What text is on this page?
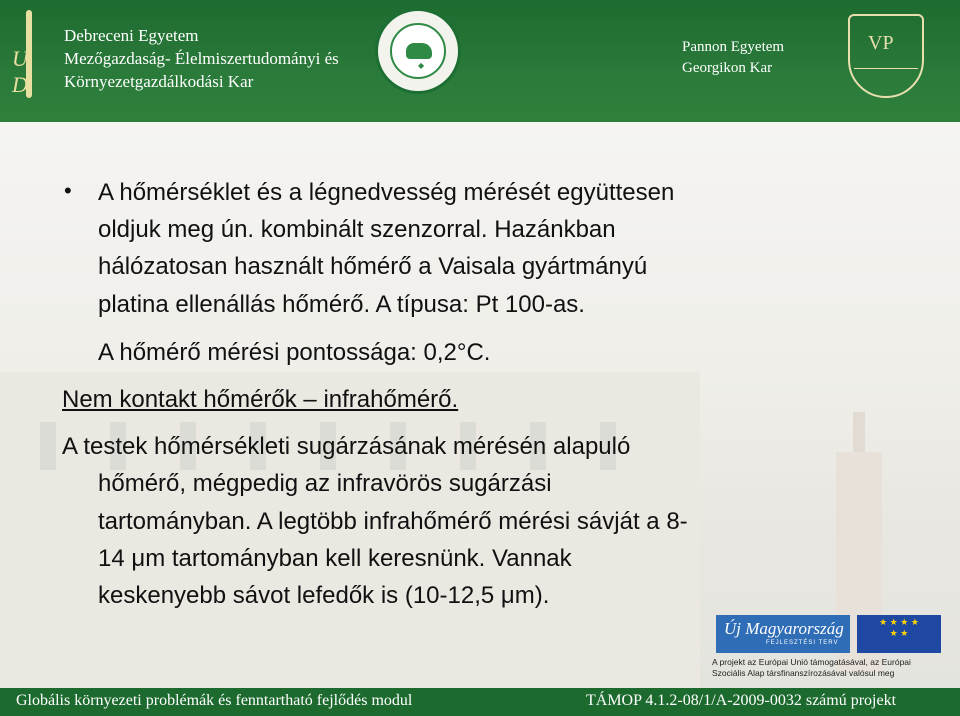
U
D
Debreceni Egyetem
Mezőgazdaság- Élelmiszertudományi és
Környezetgazdálkodási Kar
◆
Pannon Egyetem
Georgikon Kar
VP
• A hőmérséklet és a légnedvesség mérését együttesen
oldjuk meg ún. kombinált szenzorral. Hazánkban
hálózatosan használt hőmérő a Vaisala gyártmányú
platina ellenállás hőmérő. A típusa: Pt 100-as.
A hőmérő mérési pontossága: 0,2°C.
Nem kontakt hőmérők – infrahőmérő.
A testek hőmérsékleti sugárzásának mérésén alapuló
hőmérő, mégpedig az infravörös sugárzási
tartományban. A legtöbb infrahőmérő mérési sávját a 8-
14 μm tartományban kell keresnünk. Vannak
keskenyebb sávot lefedők is (10-12,5 μm).
Új Magyarország
FEJLESZTÉSI TERV
★ ★ ★ ★ ★ ★
A projekt az Európai Unió támogatásával, az Európai
Szociális Alap társfinanszírozásával valósul meg
Globális környezeti problémák és fenntartható fejlődés modul	TÁMOP 4.1.2-08/1/A-2009-0032 számú projekt
